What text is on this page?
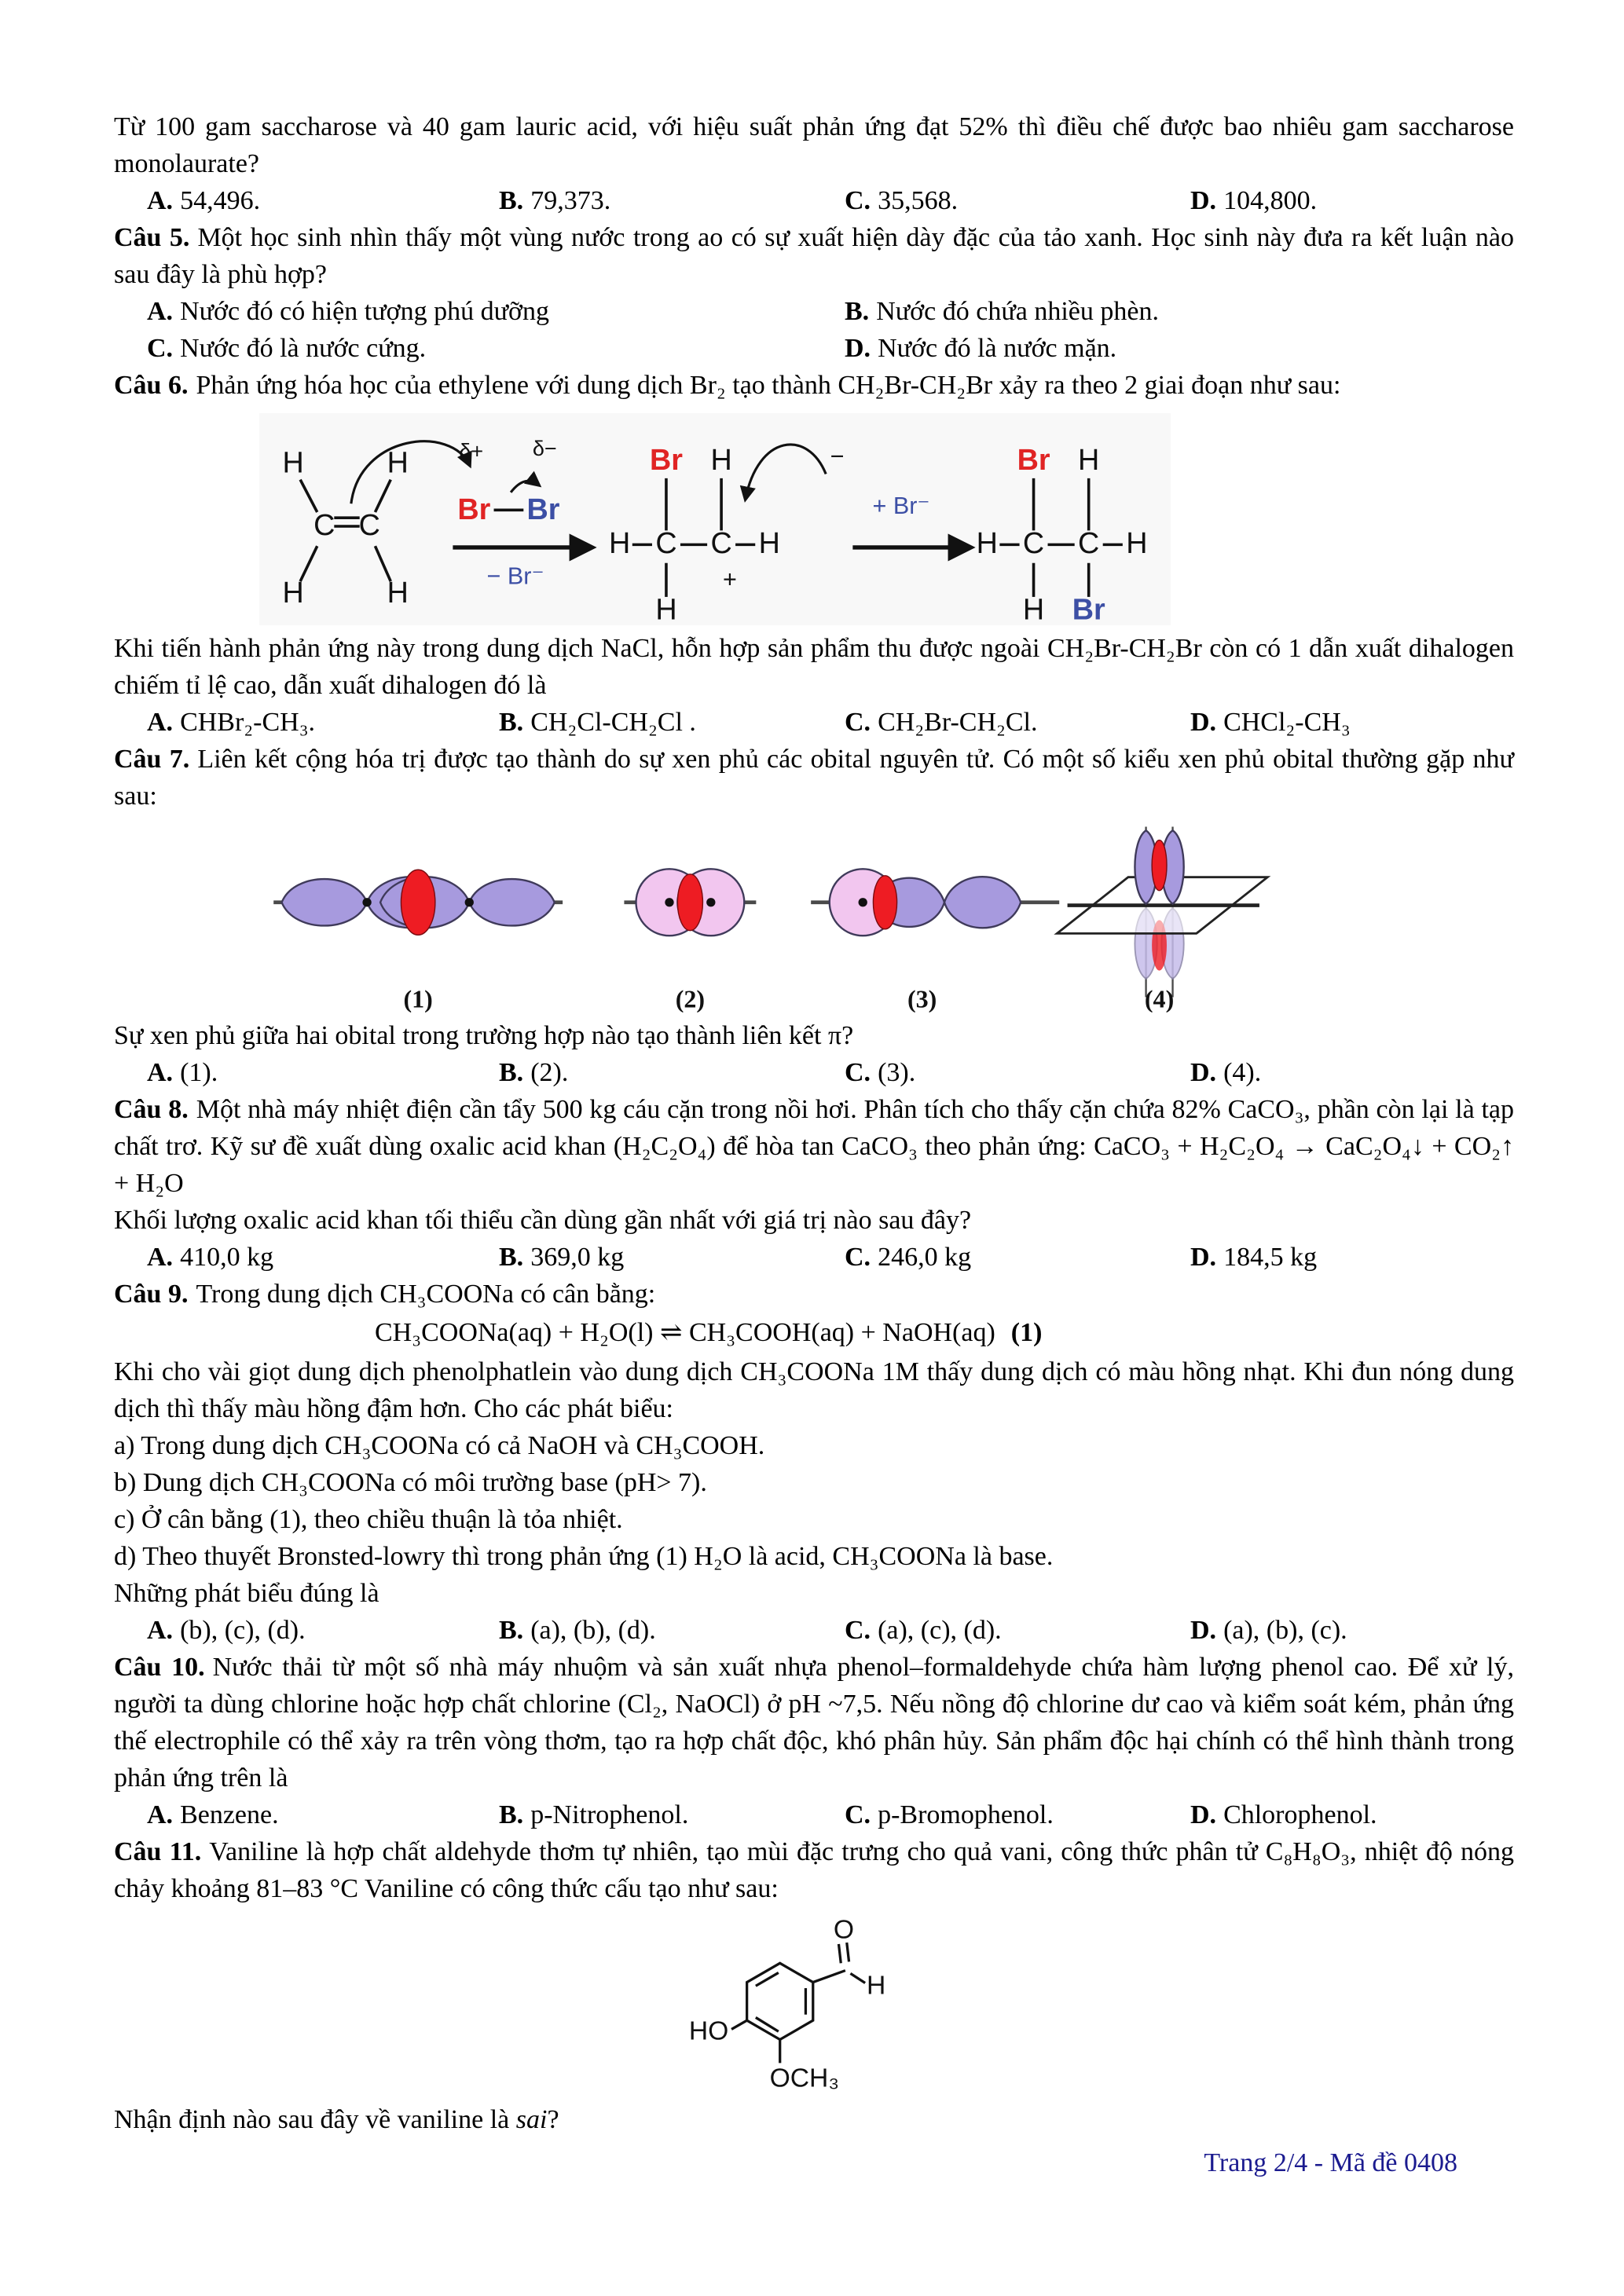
Từ 100 gam saccharose và 40 gam lauric acid, với hiệu suất phản ứng đạt 52% thì điều chế được bao nhiêu gam saccharose monolaurate?

A. 54,496.	B. 79,373.	C. 35,568.	D. 104,800.

Câu 5. Một học sinh nhìn thấy một vùng nước trong ao có sự xuất hiện dày đặc của tảo xanh. Học sinh này đưa ra kết luận nào sau đây là phù hợp?

A. Nước đó có hiện tượng phú dưỡng	B. Nước đó chứa nhiều phèn.
C. Nước đó là nước cứng.	D. Nước đó là nước mặn.

Câu 6. Phản ứng hóa học của ethylene với dung dịch Br₂ tạo thành CH₂Br-CH₂Br xảy ra theo 2 giai đoạn như sau:

H	H
H	H
C C
δ+ δ−
Br Br
− Br⁻
H C C H
Br H
H
+
−
+ Br⁻
H C C H
Br H
H Br

Khi tiến hành phản ứng này trong dung dịch NaCl, hỗn hợp sản phẩm thu được ngoài CH₂Br-CH₂Br còn có 1 dẫn xuất dihalogen chiếm tỉ lệ cao, dẫn xuất dihalogen đó là

A. CHBr₂-CH₃.	B. CH₂Cl-CH₂Cl .	C. CH₂Br-CH₂Cl.	D. CHCl₂-CH₃

Câu 7. Liên kết cộng hóa trị được tạo thành do sự xen phủ các obital nguyên tử. Có một số kiểu xen phủ obital thường gặp như sau:

(1)	(2)	(3)	(4)

Sự xen phủ giữa hai obital trong trường hợp nào tạo thành liên kết π?

A. (1).	B. (2).	C. (3).	D. (4).

Câu 8. Một nhà máy nhiệt điện cần tẩy 500 kg cáu cặn trong nồi hơi. Phân tích cho thấy cặn chứa 82% CaCO₃, phần còn lại là tạp chất trơ. Kỹ sư đề xuất dùng oxalic acid khan (H₂C₂O₄) để hòa tan CaCO₃ theo phản ứng: CaCO₃ + H₂C₂O₄ → CaC₂O₄↓ + CO₂↑ + H₂O

Khối lượng oxalic acid khan tối thiểu cần dùng gần nhất với giá trị nào sau đây?

A. 410,0 kg	B. 369,0 kg	C. 246,0 kg	D. 184,5 kg

Câu 9. Trong dung dịch CH₃COONa có cân bằng:

CH₃COONa(aq) + H₂O(l) ⇌ CH₃COOH(aq) + NaOH(aq) (1)

Khi cho vài giọt dung dịch phenolphatlein vào dung dịch CH₃COONa 1M thấy dung dịch có màu hồng nhạt. Khi đun nóng dung dịch thì thấy màu hồng đậm hơn. Cho các phát biểu:

a) Trong dung dịch CH₃COONa có cả NaOH và CH₃COOH.

b) Dung dịch CH₃COONa có môi trường base (pH> 7).

c) Ở cân bằng (1), theo chiều thuận là tỏa nhiệt.

d) Theo thuyết Bronsted-lowry thì trong phản ứng (1) H₂O là acid, CH₃COONa là base.

Những phát biểu đúng là

A. (b), (c), (d).	B. (a), (b), (d).	C. (a), (c), (d).	D. (a), (b), (c).

Câu 10. Nước thải từ một số nhà máy nhuộm và sản xuất nhựa phenol–formaldehyde chứa hàm lượng phenol cao. Để xử lý, người ta dùng chlorine hoặc hợp chất chlorine (Cl₂, NaOCl) ở pH ~7,5. Nếu nồng độ chlorine dư cao và kiểm soát kém, phản ứng thế electrophile có thể xảy ra trên vòng thơm, tạo ra hợp chất độc, khó phân hủy. Sản phẩm độc hại chính có thể hình thành trong phản ứng trên là

A. Benzene.	B. p-Nitrophenol.	C. p-Bromophenol.	D. Chlorophenol.

Câu 11. Vaniline là hợp chất aldehyde thơm tự nhiên, tạo mùi đặc trưng cho quả vani, công thức phân tử C₈H₈O₃, nhiệt độ nóng chảy khoảng 81–83 °C Vaniline có công thức cấu tạo như sau:

O
H
HO
OCH₃

Nhận định nào sau đây về vaniline là sai?

Trang 2/4 - Mã đề 0408
